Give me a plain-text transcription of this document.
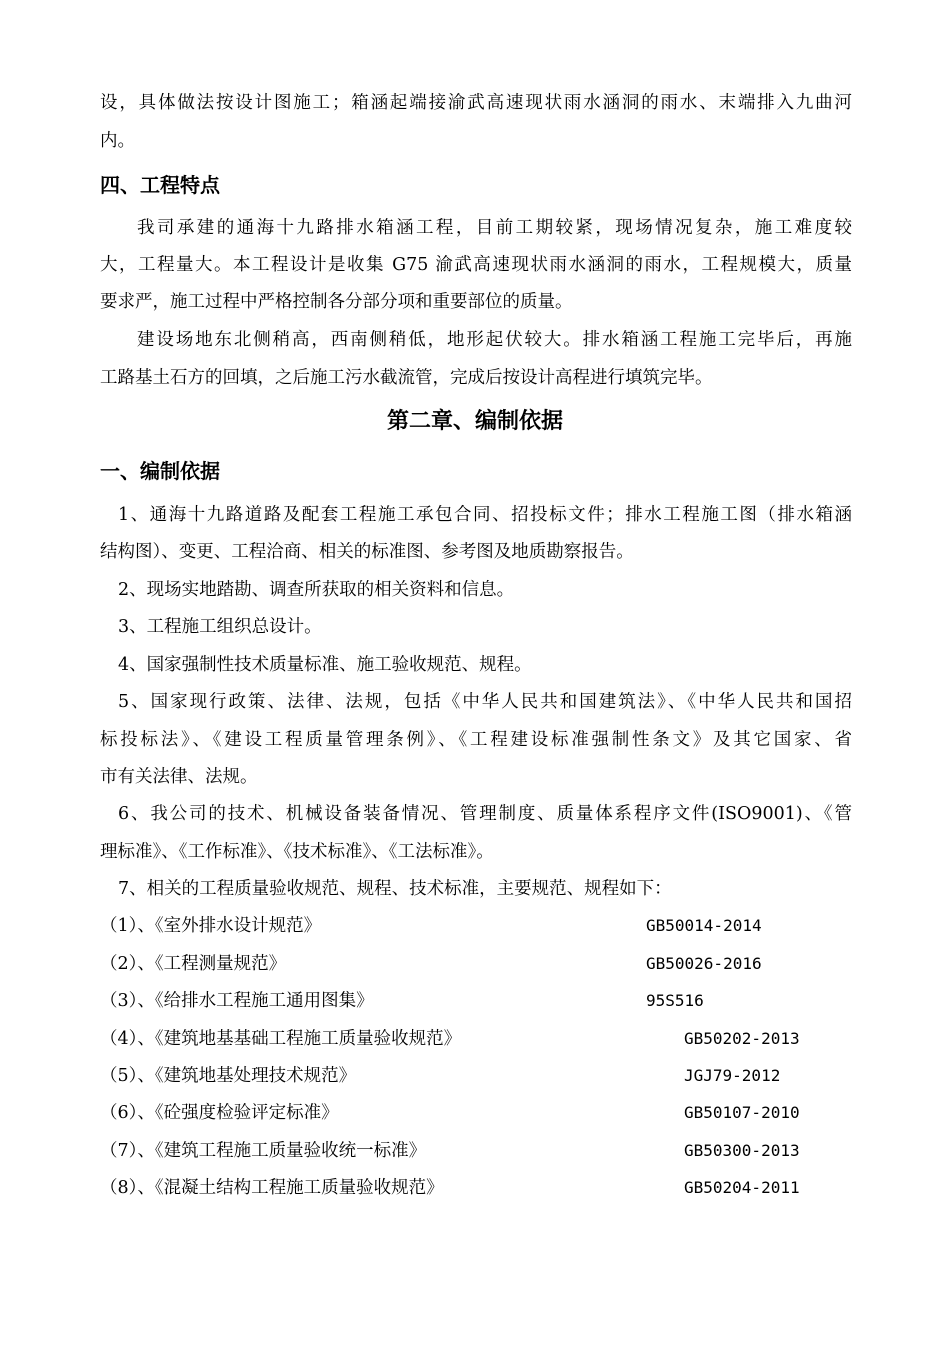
设，具体做法按设计图施工；箱涵起端接渝武高速现状雨水涵洞的雨水、末端排入九曲河
内。
四、工程特点
我司承建的通海十九路排水箱涵工程，目前工期较紧，现场情况复杂，施工难度较
大，工程量大。本工程设计是收集 G75 渝武高速现状雨水涵洞的雨水，工程规模大，质量
要求严，施工过程中严格控制各分部分项和重要部位的质量。
建设场地东北侧稍高，西南侧稍低，地形起伏较大。排水箱涵工程施工完毕后，再施
工路基土石方的回填，之后施工污水截流管，完成后按设计高程进行填筑完毕。
第二章、编制依据
一、编制依据
1、通海十九路道路及配套工程施工承包合同、招投标文件；排水工程施工图（排水箱涵
结构图）、变更、工程洽商、相关的标准图、参考图及地质勘察报告。
2、现场实地踏勘、调查所获取的相关资料和信息。
3、工程施工组织总设计。
4、国家强制性技术质量标准、施工验收规范、规程。
5、国家现行政策、法律、法规，包括《中华人民共和国建筑法》、《中华人民共和国招
标投标法》、《建设工程质量管理条例》、《工程建设标准强制性条文》及其它国家、省
市有关法律、法规。
6、我公司的技术、机械设备装备情况、管理制度、质量体系程序文件(ISO9001)、《管
理标准》、《工作标准》、《技术标准》、《工法标准》。
7、相关的工程质量验收规范、规程、技术标准，主要规范、规程如下：
（1）、《室外排水设计规范》	GB50014-2014
（2）、《工程测量规范》	GB50026-2016
（3）、《给排水工程施工通用图集》	95S516
（4）、《建筑地基基础工程施工质量验收规范》	GB50202-2013
（5）、《建筑地基处理技术规范》	JGJ79-2012
（6）、《砼强度检验评定标准》	GB50107-2010
（7）、《建筑工程施工质量验收统一标准》	GB50300-2013
（8）、《混凝土结构工程施工质量验收规范》	GB50204-2011
